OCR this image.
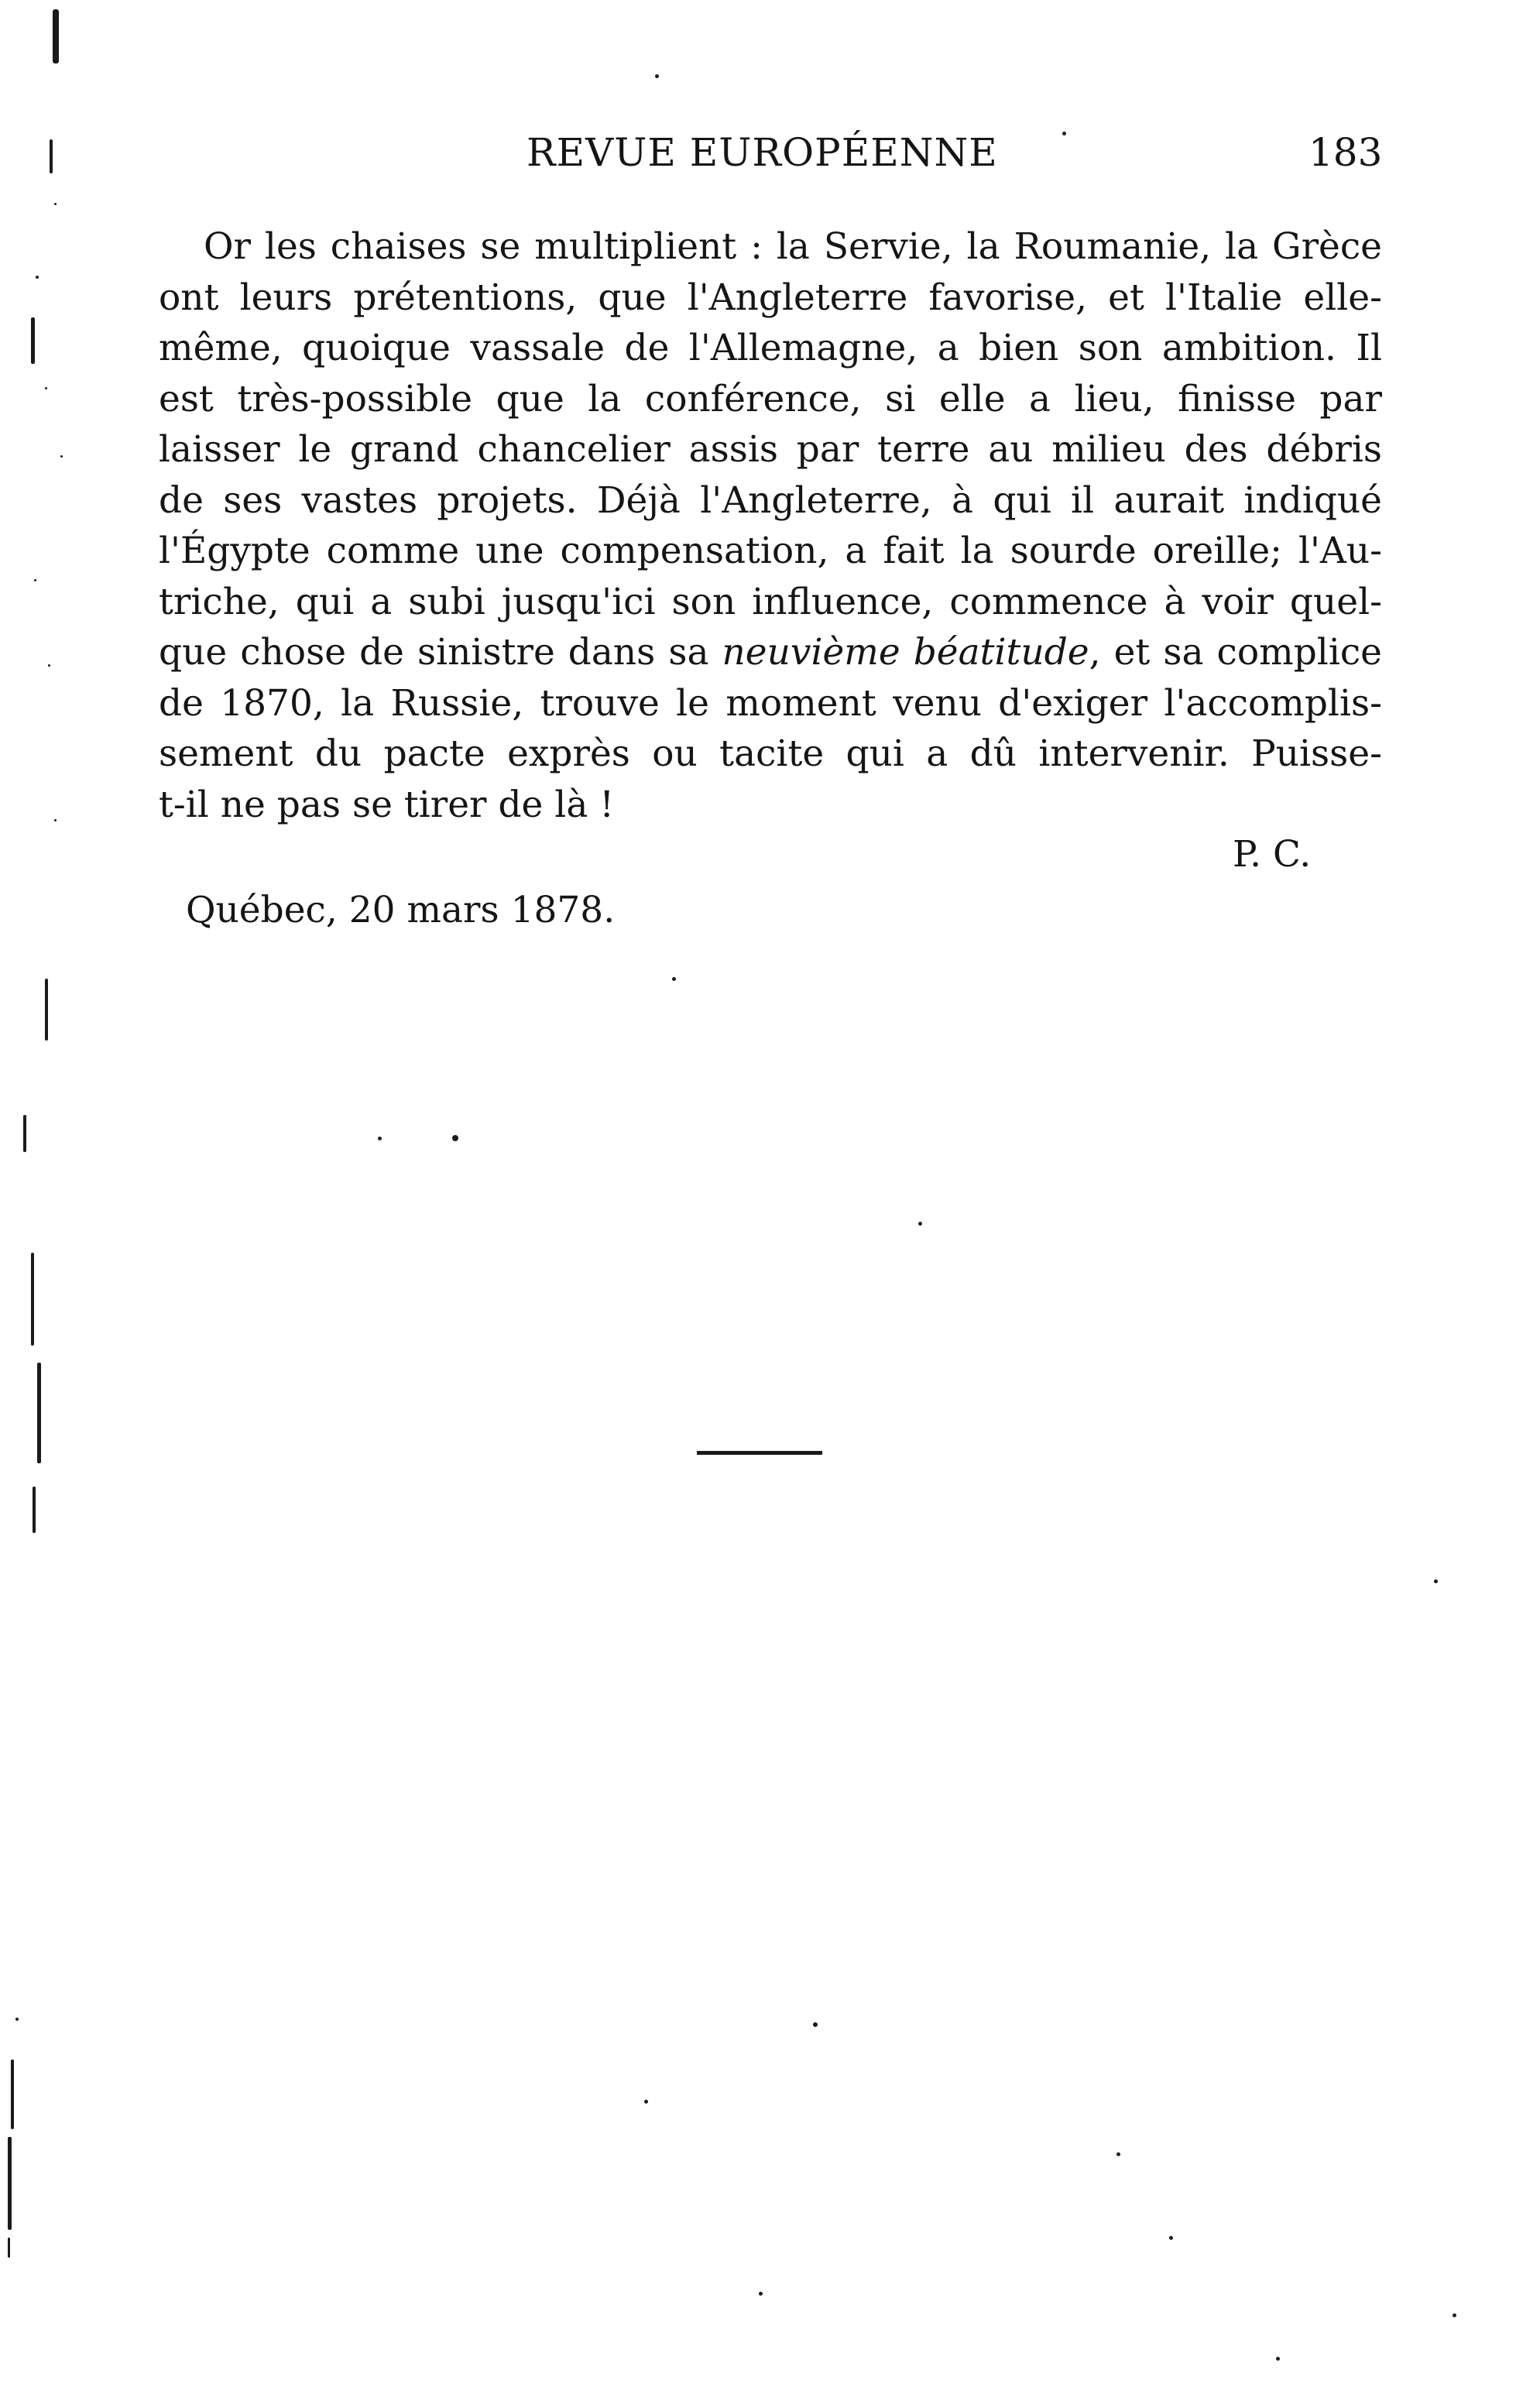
REVUE EUROPÉENNE	183
Or les chaises se multiplient : la Servie, la Roumanie, la Grèce
ont leurs prétentions, que l'Angleterre favorise, et l'Italie elle-
même, quoique vassale de l'Allemagne, a bien son ambition. Il
est très-possible que la conférence, si elle a lieu, finisse par
laisser le grand chancelier assis par terre au milieu des débris
de ses vastes projets. Déjà l'Angleterre, à qui il aurait indiqué
l'Égypte comme une compensation, a fait la sourde oreille; l'Au-
triche, qui a subi jusqu'ici son influence, commence à voir quel-
que chose de sinistre dans sa neuvième béatitude, et sa complice
de 1870, la Russie, trouve le moment venu d'exiger l'accomplis-
sement du pacte exprès ou tacite qui a dû intervenir. Puisse-
t-il ne pas se tirer de là !
P. C.
Québec, 20 mars 1878.
